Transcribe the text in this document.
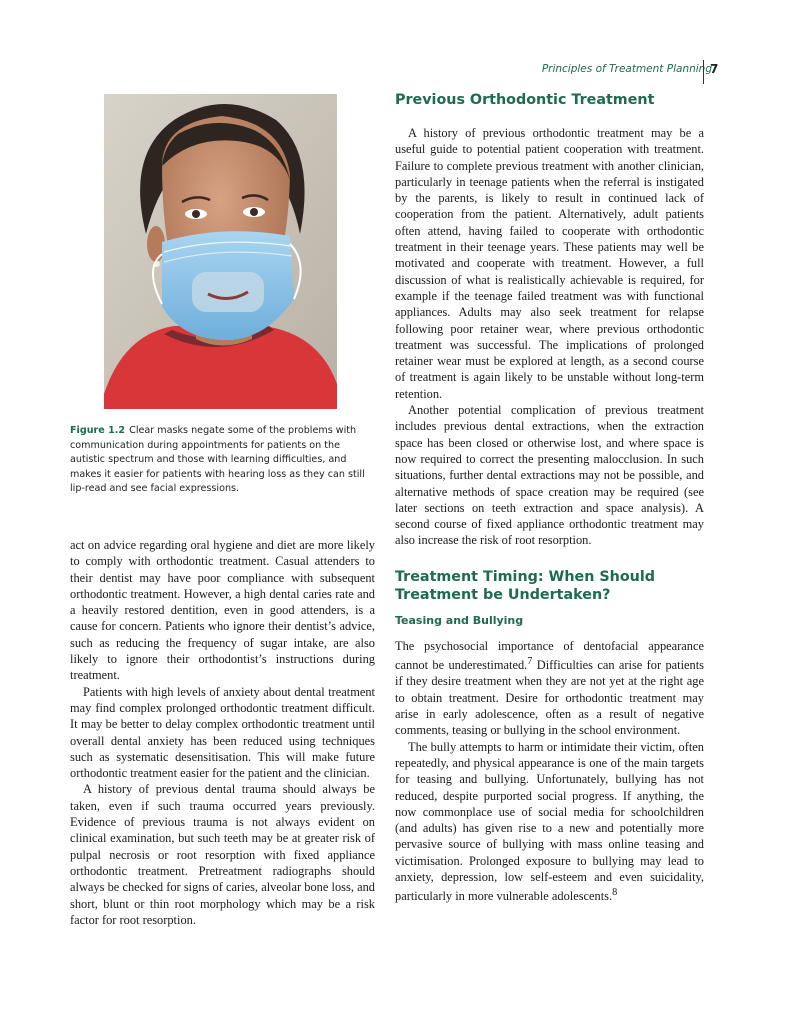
Principles of Treatment Planning
7
Figure 1.2 Clear masks negate some of the problems with communication during appointments for patients on the autistic spectrum and those with learning difficulties, and makes it easier for patients with hearing loss as they can still lip-read and see facial expressions.

act on advice regarding oral hygiene and diet are more likely to comply with orthodontic treatment. Casual attenders to their dentist may have poor compliance with subsequent orthodontic treatment. However, a high dental caries rate and a heavily restored dentition, even in good attenders, is a cause for concern. Patients who ignore their dentist’s advice, such as reducing the frequency of sugar intake, are also likely to ignore their orthodontist’s instructions during treatment.

Patients with high levels of anxiety about dental treatment may find complex prolonged orthodontic treatment difficult. It may be better to delay complex orthodontic treatment until overall dental anxiety has been reduced using techniques such as systematic desensitisation. This will make future orthodontic treatment easier for the patient and the clinician.

A history of previous dental trauma should always be taken, even if such trauma occurred years previously. Evidence of previous trauma is not always evident on clinical examination, but such teeth may be at greater risk of pulpal necrosis or root resorption with fixed appliance orthodontic treatment. Pretreatment radiographs should always be checked for signs of caries, alveolar bone loss, and short, blunt or thin root morphology which may be a risk factor for root resorption.

Previous Orthodontic Treatment

A history of previous orthodontic treatment may be a useful guide to potential patient cooperation with treatment. Failure to complete previous treatment with another clinician, particularly in teenage patients when the referral is instigated by the parents, is likely to result in continued lack of cooperation from the patient. Alternatively, adult patients often attend, having failed to cooperate with orthodontic treatment in their teenage years. These patients may well be motivated and cooperate with treatment. However, a full discussion of what is realistically achievable is required, for example if the teenage failed treatment was with functional appliances. Adults may also seek treatment for relapse following poor retainer wear, where previous orthodontic treatment was successful. The implications of prolonged retainer wear must be explored at length, as a second course of treatment is again likely to be unstable without long-term retention.

Another potential complication of previous treatment includes previous dental extractions, when the extraction space has been closed or otherwise lost, and where space is now required to correct the presenting malocclusion. In such situations, further dental extractions may not be possible, and alternative methods of space creation may be required (see later sections on teeth extraction and space analysis). A second course of fixed appliance orthodontic treatment may also increase the risk of root resorption.

Treatment Timing: When Should Treatment be Undertaken?
Teasing and Bullying

The psychosocial importance of dentofacial appearance cannot be underestimated.$^7$ Difficulties can arise for patients if they desire treatment when they are not yet at the right age to obtain treatment. Desire for orthodontic treatment may arise in early adolescence, often as a result of negative comments, teasing or bullying in the school environment.

The bully attempts to harm or intimidate their victim, often repeatedly, and physical appearance is one of the main targets for teasing and bullying. Unfortunately, bullying has not reduced, despite purported social progress. If anything, the now commonplace use of social media for schoolchildren (and adults) has given rise to a new and potentially more pervasive source of bullying with mass online teasing and victimisation. Prolonged exposure to bullying may lead to anxiety, depression, low self-esteem and even suicidality, particularly in more vulnerable adolescents.$^8$
